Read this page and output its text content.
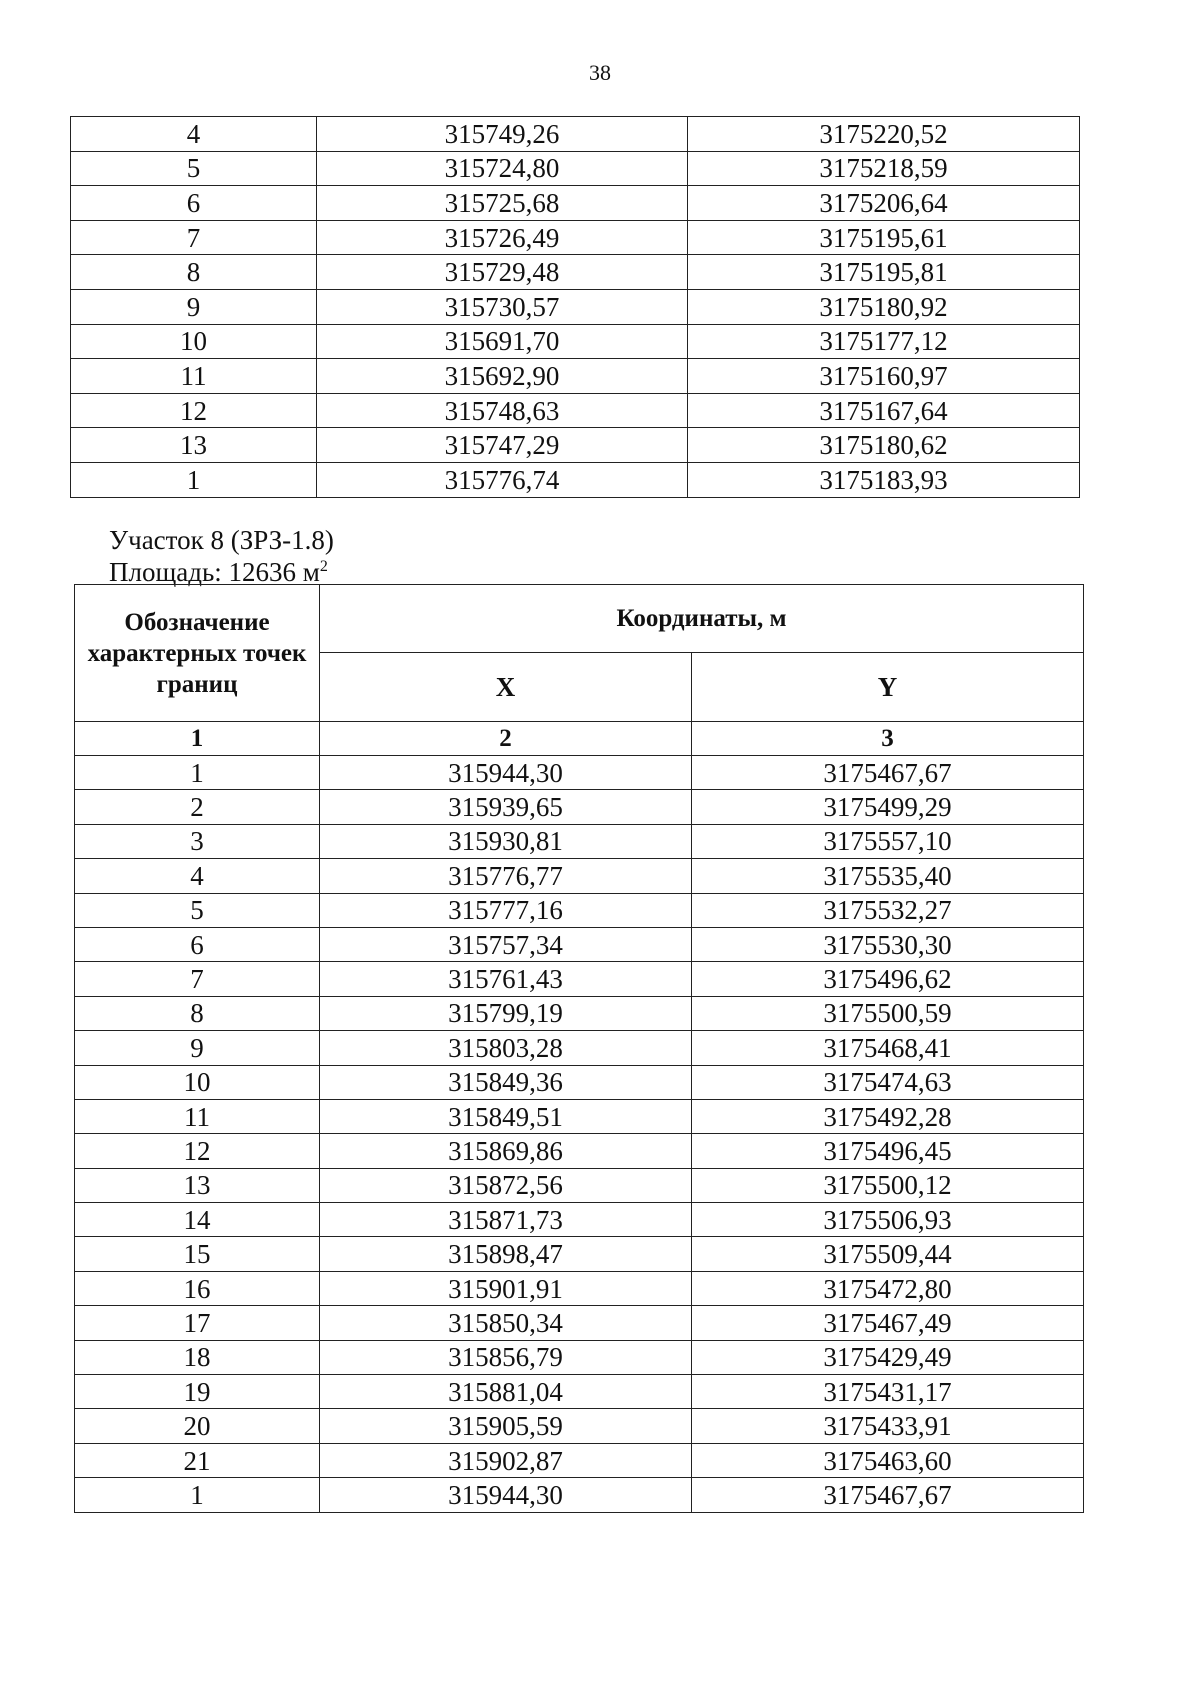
38
4	315749,26	3175220,52
5	315724,80	3175218,59
6	315725,68	3175206,64
7	315726,49	3175195,61
8	315729,48	3175195,81
9	315730,57	3175180,92
10	315691,70	3175177,12
11	315692,90	3175160,97
12	315748,63	3175167,64
13	315747,29	3175180,62
1	315776,74	3175183,93
Участок 8 (ЗРЗ-1.8)
Площадь: 12636 $м^2$
Обозначение характерных точек границ	Координаты, м	
	X	Y
1	2	3
1	315944,30	3175467,67
2	315939,65	3175499,29
3	315930,81	3175557,10
4	315776,77	3175535,40
5	315777,16	3175532,27
6	315757,34	3175530,30
7	315761,43	3175496,62
8	315799,19	3175500,59
9	315803,28	3175468,41
10	315849,36	3175474,63
11	315849,51	3175492,28
12	315869,86	3175496,45
13	315872,56	3175500,12
14	315871,73	3175506,93
15	315898,47	3175509,44
16	315901,91	3175472,80
17	315850,34	3175467,49
18	315856,79	3175429,49
19	315881,04	3175431,17
20	315905,59	3175433,91
21	315902,87	3175463,60
1	315944,30	3175467,67
